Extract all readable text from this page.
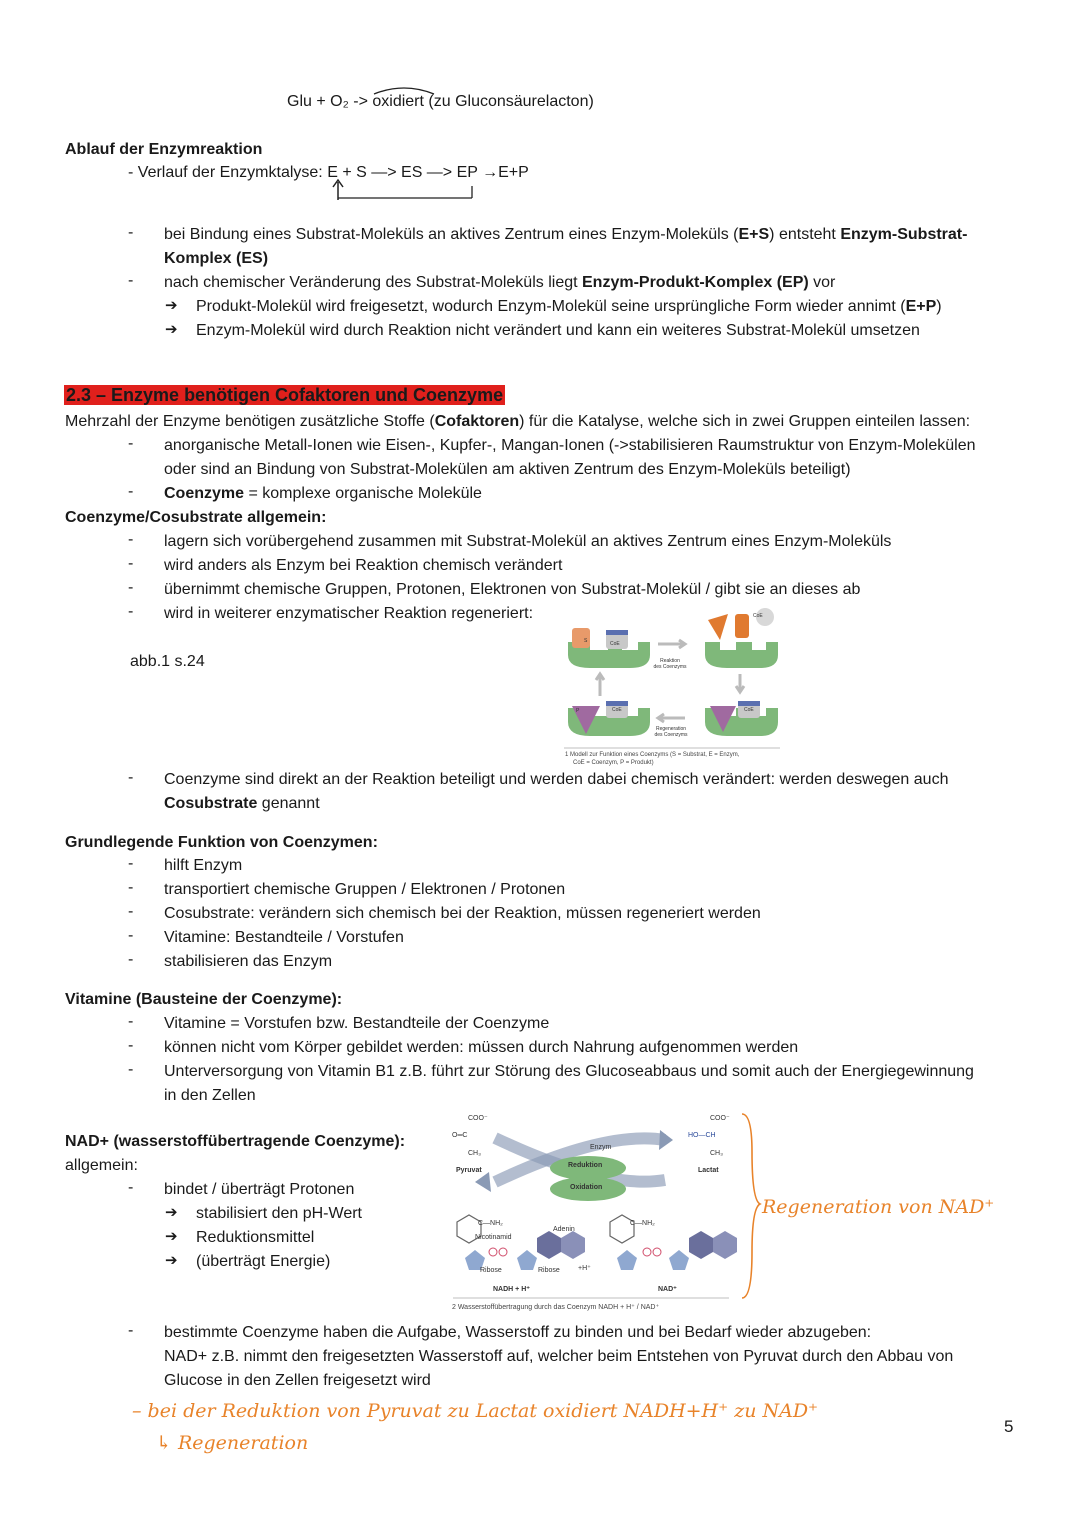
Glu + O₂ -> oxidiert (zu Gluconsäurelacton)
Ablauf der Enzymreaktion
- Verlauf der Enzymktalyse: E + S —> ES —> EP →E+P
- bei Bindung eines Substrat-Moleküls an aktives Zentrum eines Enzym-Moleküls (E+S) entsteht Enzym-Substrat-
Komplex (ES)
- nach chemischer Veränderung des Substrat-Moleküls liegt Enzym-Produkt-Komplex (EP) vor
➔ Produkt-Molekül wird freigesetzt, wodurch Enzym-Molekül seine ursprüngliche Form wieder annimt (E+P)
➔ Enzym-Molekül wird durch Reaktion nicht verändert und kann ein weiteres Substrat-Molekül umsetzen
2.3 – Enzyme benötigen Cofaktoren und Coenzyme
Mehrzahl der Enzyme benötigen zusätzliche Stoffe (Cofaktoren) für die Katalyse, welche sich in zwei Gruppen einteilen lassen:
- anorganische Metall-Ionen wie Eisen-, Kupfer-, Mangan-Ionen (->stabilisieren Raumstruktur von Enzym-Molekülen
oder sind an Bindung von Substrat-Molekülen am aktiven Zentrum des Enzym-Moleküls beteiligt)
- Coenzyme = komplexe organische Moleküle
Coenzyme/Cosubstrate allgemein:
- lagern sich vorübergehend zusammen mit Substrat-Molekül an aktives Zentrum eines Enzym-Moleküls
- wird anders als Enzym bei Reaktion chemisch verändert
- übernimmt chemische Gruppen, Protonen, Elektronen von Substrat-Molekül / gibt sie an dieses ab
- wird in weiterer enzymatischer Reaktion regeneriert:
abb.1 s.24	Reaktion
des Coenzyms
Regeneration
des Coenzyms
CoE
CoE
CoE	CoE
S
P
1 Modell zur Funktion eines Coenzyms (S = Substrat, E = Enzym,
CoE = Coenzym, P = Produkt)
- Coenzyme sind direkt an der Reaktion beteiligt und werden dabei chemisch verändert: werden deswegen auch
Cosubstrate genannt
Grundlegende Funktion von Coenzymen:
- hilft Enzym
- transportiert chemische Gruppen / Elektronen / Protonen
- Cosubstrate: verändern sich chemisch bei der Reaktion, müssen regeneriert werden
- Vitamine: Bestandteile / Vorstufen
- stabilisieren das Enzym
Vitamine (Bausteine der Coenzyme):
- Vitamine = Vorstufen bzw. Bestandteile der Coenzyme
- können nicht vom Körper gebildet werden: müssen durch Nahrung aufgenommen werden
- Unterversorgung von Vitamin B1 z.B. führt zur Störung des Glucoseabbaus und somit auch der Energiegewinnung
in den Zellen
NAD+ (wasserstoffübertragende Coenzyme):
allgemein:
- bindet / überträgt Protonen
➔ stabilisiert den pH-Wert
➔ Reduktionsmittel
➔ (überträgt Energie)
COO⁻
O═C
CH₃
Pyruvat
COO⁻
HO—CH
CH₃
Lactat
Enzym
Reduktion
Oxidation
C—NH₂	C—NH₂
Nicotinamid
Adenin
Ribose	Ribose	+H⁺
NADH + H⁺	NAD⁺
2 Wasserstoffübertragung durch das Coenzym NADH + H⁺ / NAD⁺
Regeneration von NAD⁺
- bestimmte Coenzyme haben die Aufgabe, Wasserstoff zu binden und bei Bedarf wieder abzugeben:
NAD+ z.B. nimmt den freigesetzten Wasserstoff auf, welcher beim Entstehen von Pyruvat durch den Abbau von
Glucose in den Zellen freigesetzt wird
– bei der Reduktion von Pyruvat zu Lactat oxidiert NADH+H⁺ zu NAD⁺
↳ Regeneration
5
